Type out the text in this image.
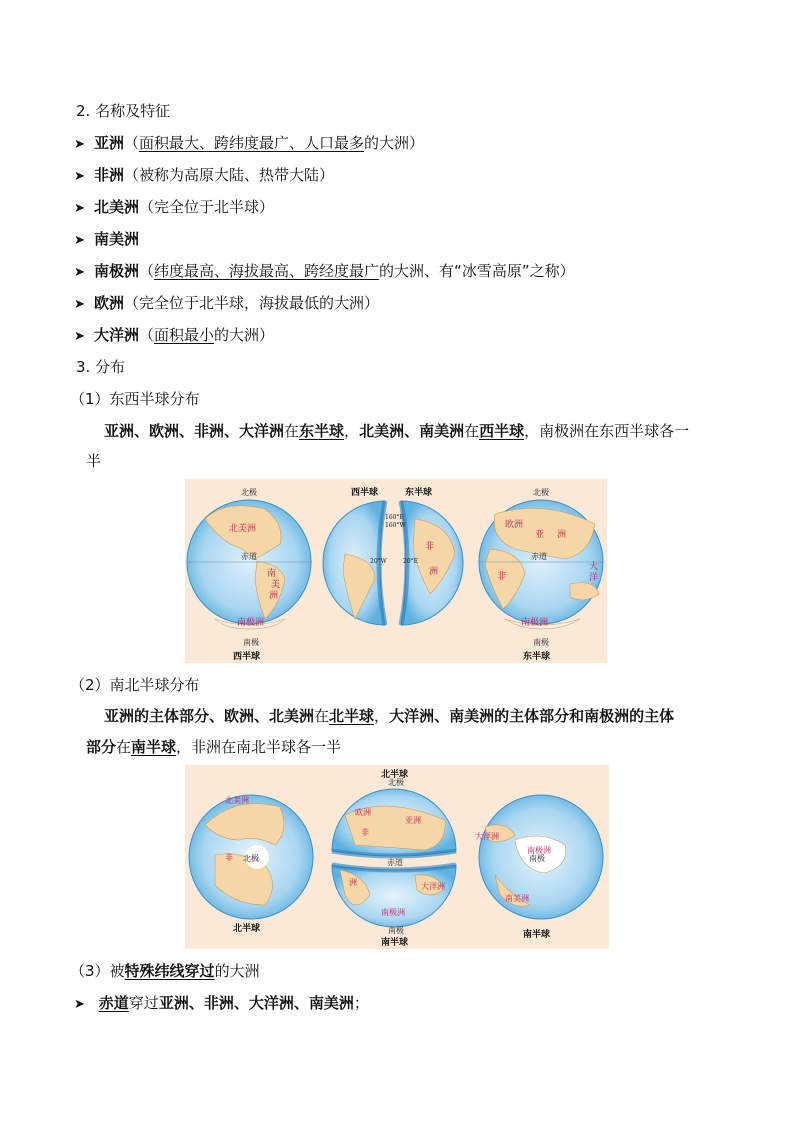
2. 名称及特征
➤ 亚洲（面积最大、跨纬度最广、人口最多的大洲）
➤ 非洲（被称为高原大陆、热带大陆）
➤ 北美洲（完全位于北半球）
➤ 南美洲
➤ 南极洲（纬度最高、海拔最高、跨经度最广的大洲、有“冰雪高原”之称）
➤ 欧洲（完全位于北半球，海拔最低的大洲）
➤ 大洋洲（面积最小的大洲）
3. 分布
（1）东西半球分布
亚洲、欧洲、非洲、大洋洲在东半球，北美洲、南美洲在西半球，南极洲在东西半球各一
半
北极	北极
赤道	赤道
南极	南极
160°E
160°W
20°W	20°E
西半球	东半球
西半球	东半球
北美洲
南
美
洲
南极洲
非
洲
欧洲
亚 洲
非
大
洋
南极洲
（2）南北半球分布
亚洲的主体部分、欧洲、北美洲在北半球，大洋洲、南美洲的主体部分和南极洲的主体
部分在南半球，非洲在南北半球各一半
北极
北极	赤道
南极
南极
北半球
南半球
北半球
南半球
北美洲
非
欧洲
亚洲
非
洲	大洋洲
南极洲
南极洲
南美洲
大洋洲
（3）被特殊纬线穿过的大洲
➤ 赤道穿过亚洲、非洲、大洋洲、南美洲；
